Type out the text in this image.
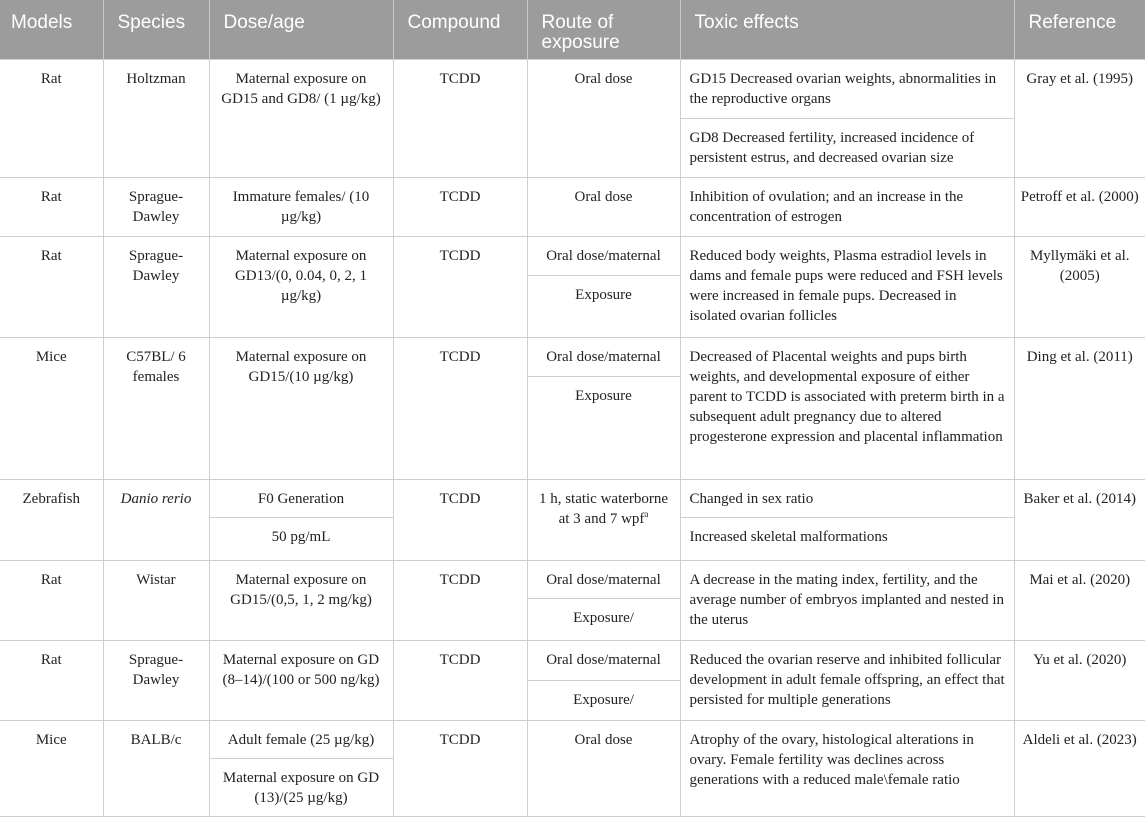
Models	Species	Dose/age	Compound	Route of exposure	Toxic effects	Reference
Rat	Holtzman	Maternal exposure on GD15 and GD8/ (1 µg/kg)	TCDD	Oral dose	GD15 Decreased ovarian weights, abnormalities in the reproductive organs	Gray et al. (1995)
					GD8 Decreased fertility, increased incidence of persistent estrus, and decreased ovarian size	
Rat	Sprague-Dawley	Immature females/ (10 µg/kg)	TCDD	Oral dose	Inhibition of ovulation; and an increase in the concentration of estrogen	Petroff et al. (2000)
Rat	Sprague-Dawley	Maternal exposure on GD13/(0, 0.04, 0, 2, 1 µg/kg)	TCDD	Oral dose/maternal	Reduced body weights, Plasma estradiol levels in dams and female pups were reduced and FSH levels were increased in female pups. Decreased in isolated ovarian follicles	Myllymäki et al. (2005)
				Exposure		
Mice	C57BL/ 6 females	Maternal exposure on GD15/(10 µg/kg)	TCDD	Oral dose/maternal	Decreased of Placental weights and pups birth weights, and developmental exposure of either parent to TCDD is associated with preterm birth in a subsequent adult pregnancy due to altered progesterone expression and placental inflammation	Ding et al. (2011)
				Exposure		
Zebrafish	Danio rerio	F0 Generation	TCDD	1 h, static waterborne at 3 and 7 wpf$^a$	Changed in sex ratio	Baker et al. (2014)
		50 pg/mL			Increased skeletal malformations	
Rat	Wistar	Maternal exposure on GD15/(0,5, 1, 2 mg/kg)	TCDD	Oral dose/maternal	A decrease in the mating index, fertility, and the average number of embryos implanted and nested in the uterus	Mai et al. (2020)
				Exposure/		
Rat	Sprague-Dawley	Maternal exposure on GD (8–14)/(100 or 500 ng/kg)	TCDD	Oral dose/maternal	Reduced the ovarian reserve and inhibited follicular development in adult female offspring, an effect that persisted for multiple generations	Yu et al. (2020)
				Exposure/		
Mice	BALB/c	Adult female (25 µg/kg)	TCDD	Oral dose	Atrophy of the ovary, histological alterations in ovary. Female fertility was declines across generations with a reduced male\female ratio	Aldeli et al. (2023)
		Maternal exposure on GD (13)/(25 µg/kg)				
